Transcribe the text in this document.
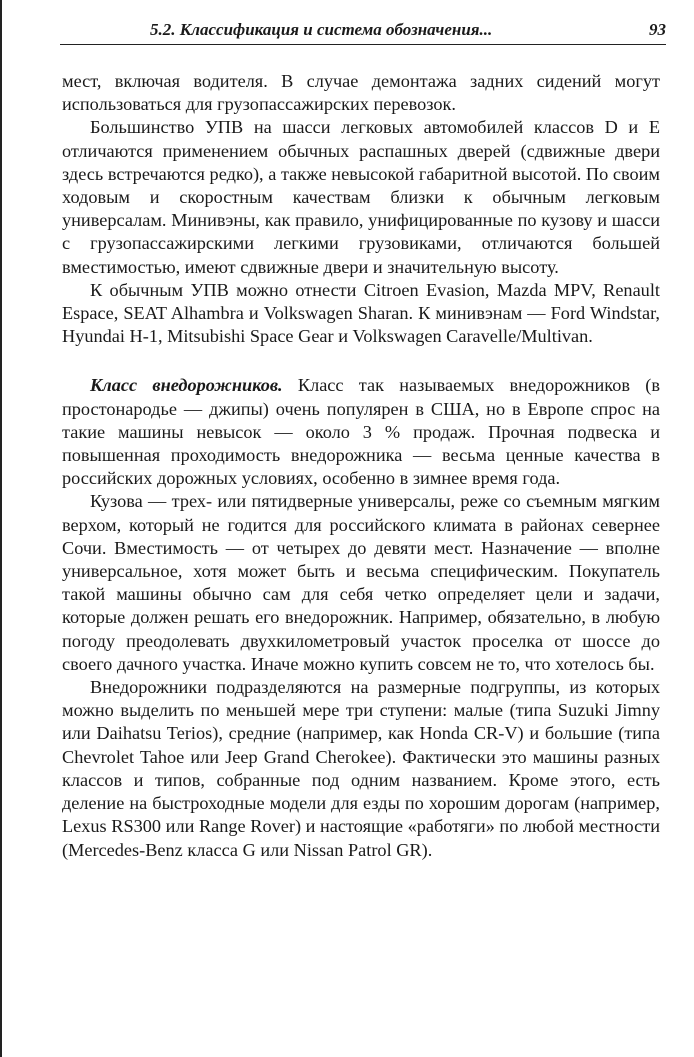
5.2. Классификация и система обозначения...	93

мест, включая водителя. В случае демонтажа задних сидений могут использоваться для грузопассажирских перевозок.

Большинство УПВ на шасси легковых автомобилей классов D и E отличаются применением обычных распашных дверей (сдвижные двери здесь встречаются редко), а также невысокой габаритной высотой. По своим ходовым и скоростным качествам близки к обычным легковым универсалам. Минивэны, как правило, унифицированные по кузову и шасси с грузопассажирскими легкими грузовиками, отличаются большей вместимостью, имеют сдвижные двери и значительную высоту.

К обычным УПВ можно отнести Citroen Evasion, Mazda MPV, Renault Espace, SEAT Alhambra и Volkswagen Sharan. К минивэнам — Ford Windstar, Hyundai H-1, Mitsubishi Space Gear и Volkswagen Caravelle/Multivan.

Класс внедорожников. Класс так называемых внедорожников (в простонародье — джипы) очень популярен в США, но в Европе спрос на такие машины невысок — около 3 % продаж. Прочная подвеска и повышенная проходимость внедорожника — весьма ценные качества в российских дорожных условиях, особенно в зимнее время года.

Кузова — трех- или пятидверные универсалы, реже со съемным мягким верхом, который не годится для российского климата в районах севернее Сочи. Вместимость — от четырех до девяти мест. Назначение — вполне универсальное, хотя может быть и весьма специфическим. Покупатель такой машины обычно сам для себя четко определяет цели и задачи, которые должен решать его внедорожник. Например, обязательно, в любую погоду преодолевать двухкилометровый участок проселка от шоссе до своего дачного участка. Иначе можно купить совсем не то, что хотелось бы.

Внедорожники подразделяются на размерные подгруппы, из которых можно выделить по меньшей мере три ступени: малые (типа Suzuki Jimny или Daihatsu Terios), средние (например, как Honda CR-V) и большие (типа Chevrolet Tahoe или Jeep Grand Cherokee). Фактически это машины разных классов и типов, собранные под одним названием. Кроме этого, есть деление на быстроходные модели для езды по хорошим дорогам (например, Lexus RS300 или Range Rover) и настоящие «работяги» по любой местности (Mercedes-Benz класса G или Nissan Patrol GR).
